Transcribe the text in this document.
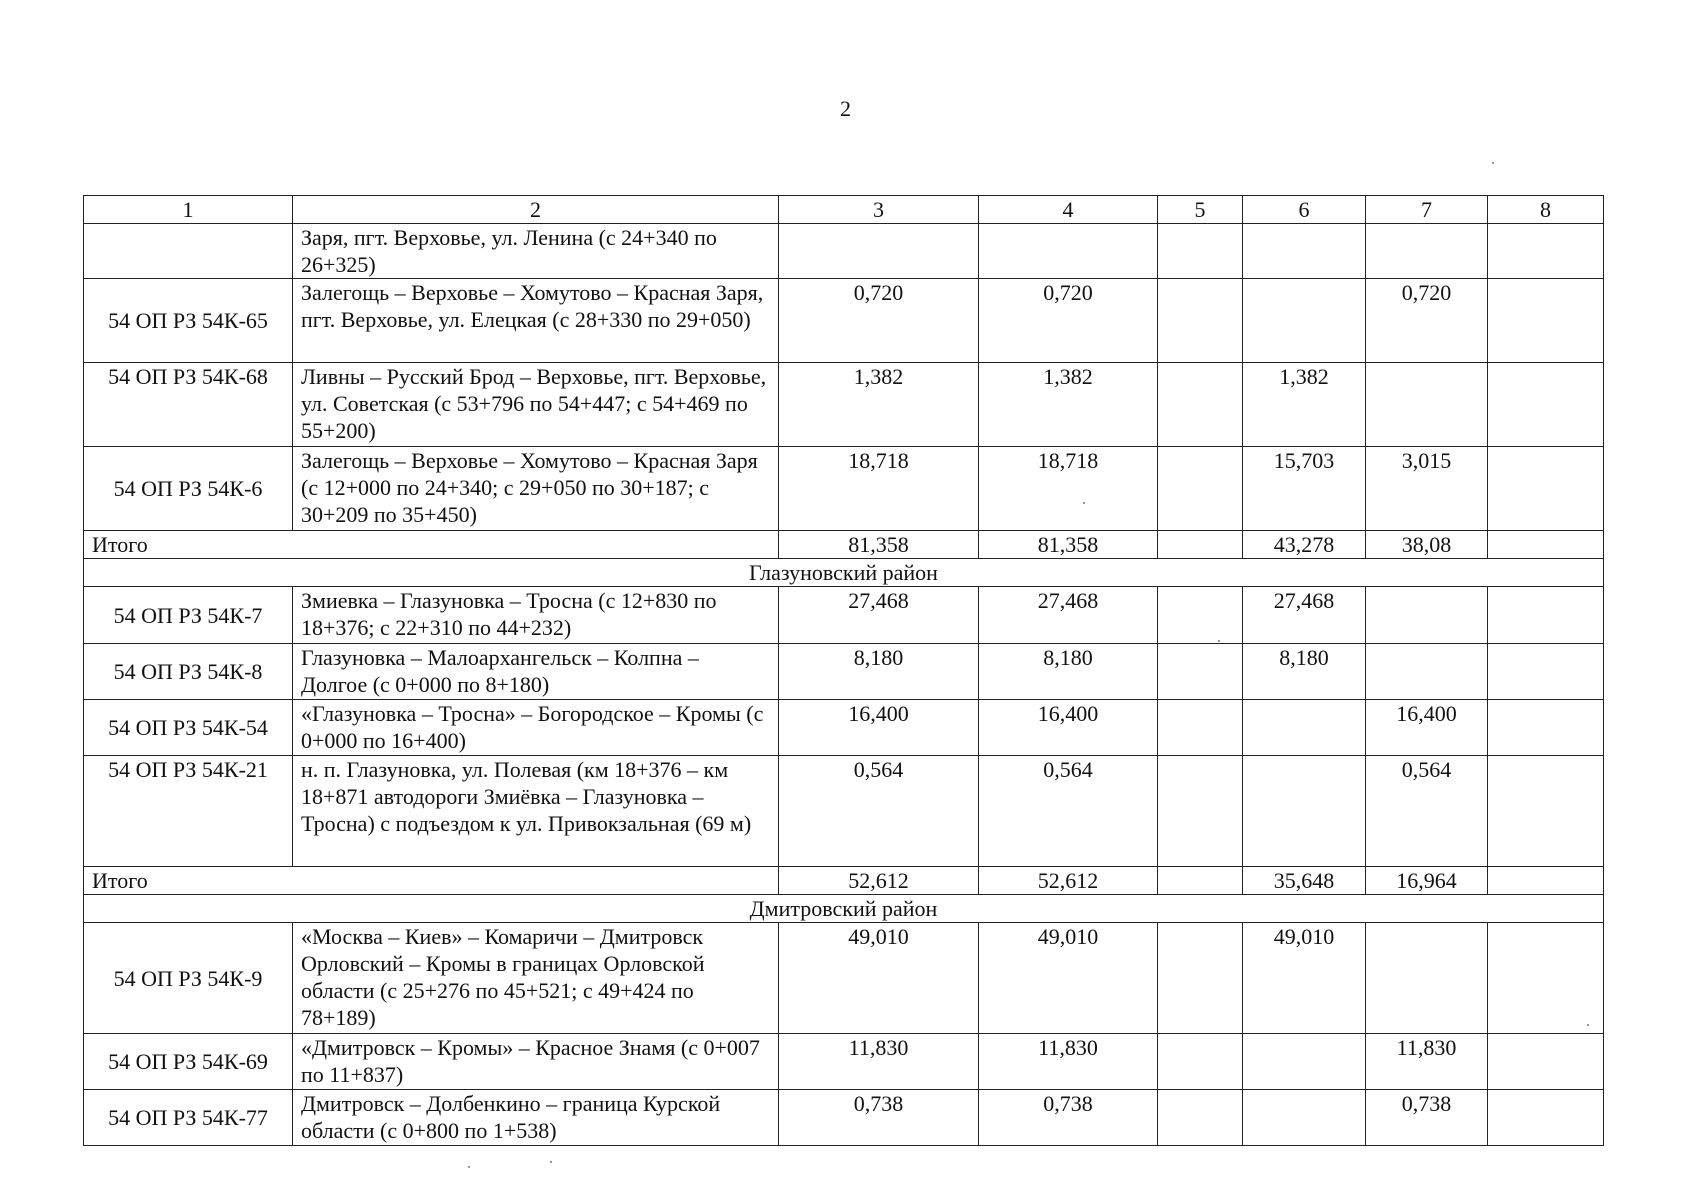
2
1	2	3	4	5	6	7	8
	Заря, пгт. Верховье, ул. Ленина (с 24+340 по 26+325)						
54 ОП РЗ 54К-65	Залегощь – Верховье – Хомутово – Красная Заря, пгт. Верховье, ул. Елецкая (с 28+330 по 29+050)	0,720	0,720			0,720	
54 ОП РЗ 54К-68	Ливны – Русский Брод – Верховье, пгт. Верховье, ул. Советская (с 53+796 по 54+447; с 54+469 по 55+200)	1,382	1,382		1,382		
54 ОП РЗ 54К-6	Залегощь – Верховье – Хомутово – Красная Заря (с 12+000 по 24+340; с 29+050 по 30+187; с 30+209 по 35+450)	18,718	18,718		15,703	3,015	
Итого		81,358	81,358		43,278	38,08	
Глазуновский район							
54 ОП РЗ 54К-7	Змиевка – Глазуновка – Тросна (с 12+830 по 18+376; с 22+310 по 44+232)	27,468	27,468		27,468		
54 ОП РЗ 54К-8	Глазуновка – Малоархангельск – Колпна – Долгое (с 0+000 по 8+180)	8,180	8,180		8,180		
54 ОП РЗ 54К-54	«Глазуновка – Тросна» – Богородское – Кромы (с 0+000 по 16+400)	16,400	16,400			16,400	
54 ОП РЗ 54К-21	н. п. Глазуновка, ул. Полевая (км 18+376 – км 18+871 автодороги Змиёвка – Глазуновка – Тросна) с подъездом к ул. Привокзальная (69 м)	0,564	0,564			0,564	
Итого		52,612	52,612		35,648	16,964	
Дмитровский район							
54 ОП РЗ 54К-9	«Москва – Киев» – Комаричи – Дмитровск Орловский – Кромы в границах Орловской области (с 25+276 по 45+521; с 49+424 по 78+189)	49,010	49,010		49,010		
54 ОП РЗ 54К-69	«Дмитровск – Кромы» – Красное Знамя (с 0+007 по 11+837)	11,830	11,830			11,830	
54 ОП РЗ 54К-77	Дмитровск – Долбенкино – граница Курской области (с 0+800 по 1+538)	0,738	0,738			0,738	
